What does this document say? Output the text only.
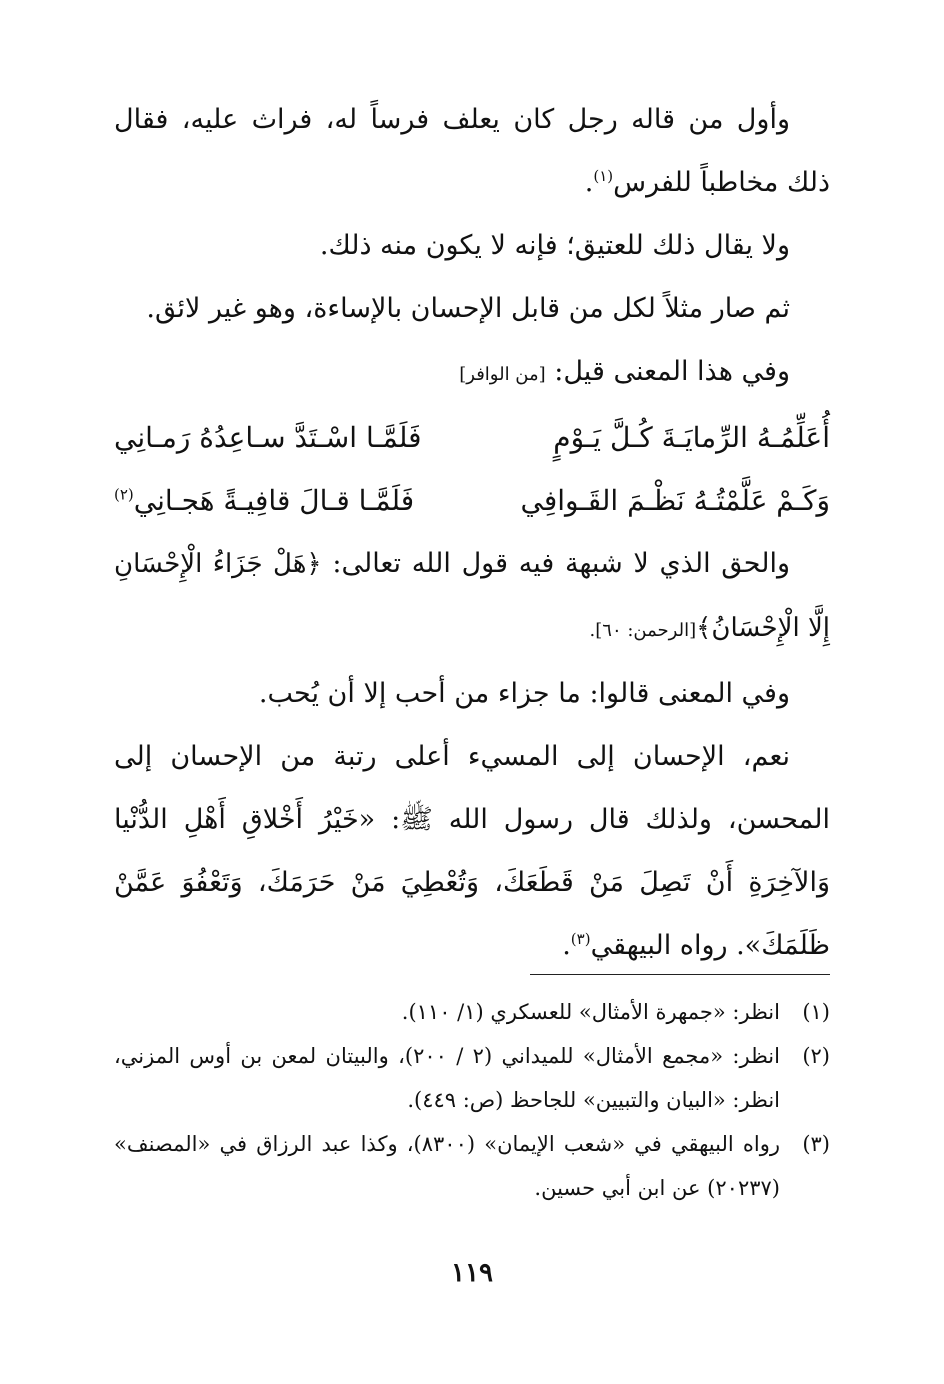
وأول من قاله رجل كان يعلف فرساً له، فراث عليه، فقال ذلك مخاطباً للفرس$^{(١)}$.

ولا يقال ذلك للعتيق؛ فإنه لا يكون منه ذلك.

ثم صار مثلاً لكل من قابل الإحسان بالإساءة، وهو غير لائق.

وفي هذا المعنى قيل: [من الوافر]

أُعَلِّمُـهُ الرِّمايَـةَ كُـلَّ يَـوْمٍ
فَلَمَّـا اسْـتَدَّ سـاعِدُهُ رَمـانِي
وَكَـمْ عَلَّمْتُـهُ نَظْـمَ القَـوافِي
فَلَمَّـا قـالَ قافِيـةً هَجـانِي$^{(٢)}$

والحق الذي لا شبهة فيه قول الله تعالى: ﴿هَلْ جَزَاءُ الْإِحْسَانِ إِلَّا الْإِحْسَانُ﴾[الرحمن: ٦٠].

وفي المعنى قالوا: ما جزاء من أحب إلا أن يُحب.

نعم، الإحسان إلى المسيء أعلى رتبة من الإحسان إلى المحسن، ولذلك قال رسول الله ﷺ: «خَيْرُ أَخْلاقِ أَهْلِ الدُّنْيا وَالآخِرَةِ أَنْ تَصِلَ مَنْ قَطَعَكَ، وَتُعْطِيَ مَنْ حَرَمَكَ، وَتَعْفُوَ عَمَّنْ ظَلَمَكَ». رواه البيهقي$^{(٣)}$.

(١)
انظر: «جمهرة الأمثال» للعسكري (١/ ١١٠).
(٢)
انظر: «مجمع الأمثال» للميداني (٢ / ٢٠٠)، والبيتان لمعن بن أوس المزني، انظر: «البيان والتبيين» للجاحظ (ص: ٤٤٩).
(٣)
رواه البيهقي في «شعب الإيمان» (٨٣٠٠)، وكذا عبد الرزاق في «المصنف» (٢٠٢٣٧) عن ابن أبي حسين.
١١٩
